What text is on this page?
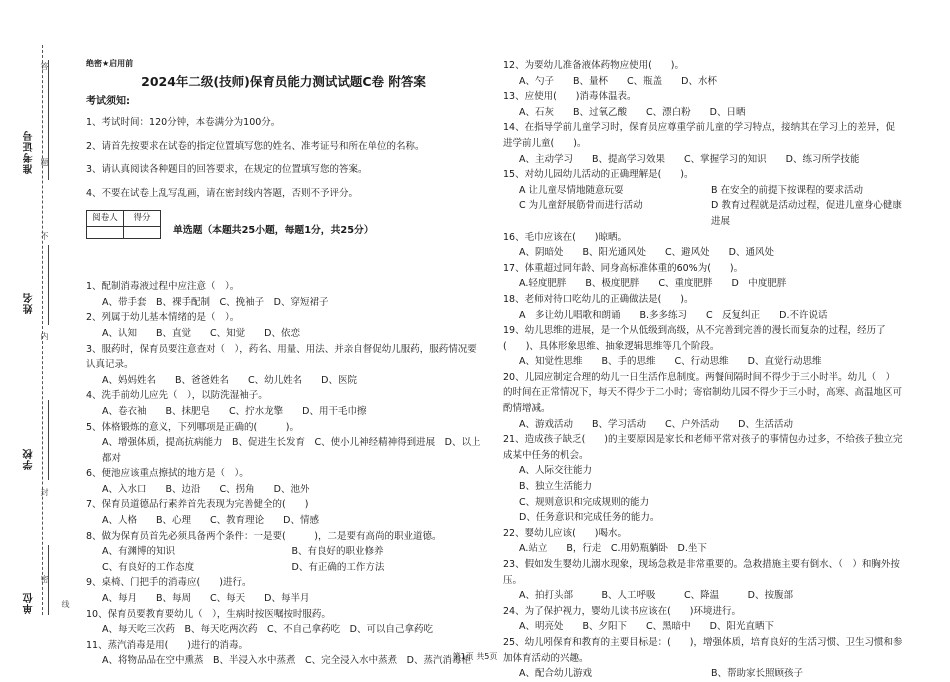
准考证号
姓名
学校
单位
答
题
不
内
封
密
线
绝密★启用前
2024年二级(技师)保育员能力测试试题C卷 附答案
考试须知:
1、考试时间：120分钟，本卷满分为100分。
2、请首先按要求在试卷的指定位置填写您的姓名、准考证号和所在单位的名称。
3、请认真阅读各种题目的回答要求，在规定的位置填写您的答案。
4、不要在试卷上乱写乱画，请在密封线内答题，否则不予评分。
阅卷人	得分

单选题（本题共25小题，每题1分，共25分）
1、配制消毒液过程中应注意（　）。
A、带手套　B、裸手配制　C、挽袖子　D、穿短裙子
2、列属于幼儿基本情绪的是（　）。
A、认知　　B、直觉　　C、知觉　　D、依恋
3、服药时，保育员要注意查对（　），药名、用量、用法、并亲自督促幼儿服药，服药情况要认真记录。
A、妈妈姓名　　B、爸爸姓名　　C、幼儿姓名　　D、医院
4、洗手前幼儿应先（　），以防洗湿袖子。
A、卷衣袖　　B、抹肥皂　　C、拧水龙擎　　D、用干毛巾擦
5、体格锻炼的意义，下列哪项是正确的(　　　)。
A、增强体质，提高抗病能力　B、促进生长发育　C、使小儿神经精神得到进展　D、以上都对
6、便池应该重点擦拭的地方是（　）。
A、入水口　　B、边沿　　C、拐角　　D、池外
7、保育员道德品行素养首先表现为完善健全的(　　)
A、人格　　B、心理　　C、教育理论　　D、情感
8、做为保育员首先必须具备两个条件：一是要(　　　)，二是要有高尚的职业道德。
A、有渊博的知识	B、有良好的职业修养
C、有良好的工作态度	D、有正确的工作方法
9、桌椅、门把手的消毒应(　　)进行。
A、每月　　B、每周　　C、每天　　D、每半月
10、保育员要教育要幼儿（　），生病时按医嘱按时服药。
A、每天吃三次药　B、每天吃两次药　C、不自己拿药吃　D、可以自己拿药吃
11、蒸汽消毒是用(　　)进行的消毒。
A、将物品品在空中熏蒸　B、半浸入水中蒸煮　C、完全浸入水中蒸煮　D、蒸汽消毒柜
12、为要幼儿准备液体药物应使用(　　)。
A、勺子　　B、量杯　　C、瓶盖　　D、水杯
13、应使用(　　)消毒体温表。
A、石灰　　B、过氧乙酸　　C、漂白粉　　D、日晒
14、在指导学前儿童学习时，保育员应尊重学前儿童的学习特点，接纳其在学习上的差异，促进学前儿童(　　)。
A、主动学习　　B、提高学习效果　　C、掌握学习的知识　　D、练习所学技能
15、对幼儿园幼儿活动的正确理解是(　　)。
A 让儿童尽情地随意玩耍	B 在安全的前提下按课程的要求活动
C 为儿童舒展筋骨而进行活动	D 教育过程就是活动过程，促进儿童身心健康进展
16、毛巾应该在(　　)晾晒。
A、阴暗处　　B、阳光通风处　　C、避风处　　D、通风处
17、体重超过同年龄、同身高标准体重的60%为(　　)。
A.轻度肥胖　　B、极度肥胖　　C、重度肥胖　　D　中度肥胖
18、老师对待口吃幼儿的正确做法是(　　)。
A　多让幼儿唱歌和朗诵　　B.多多练习　　C　反复纠正　　D.不许说话
19、幼儿思维的进展，是一个从低级到高级，从不完善到完善的漫长而复杂的过程，经历了(　　)、具体形象思维、抽象逻辑思维等几个阶段。
A、知觉性思维　　B、手的思维　　C、行动思维　　D、直觉行动思维
20、儿园应制定合理的幼儿一日生活作息制度。两餐间隔时间不得少于三小时半。幼儿（　）的时间在正常情况下，每天不得少于二小时；寄宿制幼儿园不得少于三小时，高寒、高温地区可酌情增减。
A、游戏活动　　B、学习活动　　C、户外活动　　D、生活活动
21、造成孩子缺乏(　　)的主要原因是家长和老师平常对孩子的事情包办过多，不给孩子独立完成某中任务的机会。
A、人际交往能力
B、独立生活能力
C、规则意识和完成规则的能力
D、任务意识和完成任务的能力。
22、婴幼儿应该(　　)喝水。
A.站立　　B，行走　C.用奶瓶躺卧　D.坐下
23、假如发生婴幼儿溺水现象，现场急救是非常重要的。急救措施主要有倒水、（　）和胸外按压。
A、拍打头部　　　B、人工呼吸　　　C、降温　　　D、按腹部
24、为了保护视力，婴幼儿读书应该在(　　)环境进行。
A、明亮处　　B、夕阳下　　C、黑暗中　　D、阳光直晒下
25、幼儿吲保育和教育的主要目标是：(　　)，增强体质，培育良好的生活习惯、卫生习惯和参加体育活动的兴趣。
A、配合幼儿游戏	B、帮助家长照顾孩子
第1页 共5页
